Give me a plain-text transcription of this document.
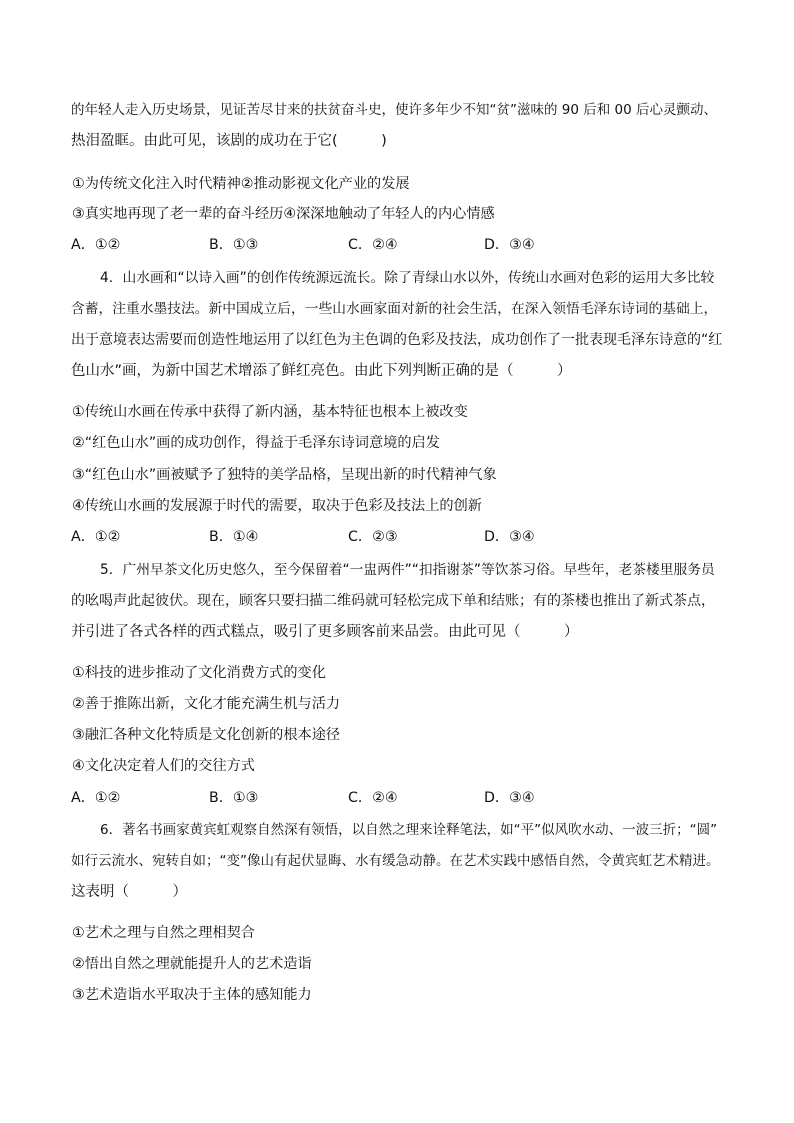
的年轻人走入历史场景，见证苦尽甘来的扶贫奋斗史，使许多年少不知“贫”滋味的 90 后和 00 后心灵颤动、
热泪盈眶。由此可见，该剧的成功在于它(　　　)

①为传统文化注入时代精神②推动影视文化产业的发展

③真实地再现了老一辈的奋斗经历④深深地触动了年轻人的内心情感

A．①②	B．①③	C．②④	D．③④
4．山水画和“以诗入画”的创作传统源远流长。除了青绿山水以外，传统山水画对色彩的运用大多比较
含蓄，注重水墨技法。新中国成立后，一些山水画家面对新的社会生活，在深入领悟毛泽东诗词的基础上，
出于意境表达需要而创造性地运用了以红色为主色调的色彩及技法，成功创作了一批表现毛泽东诗意的“红
色山水”画，为新中国艺术增添了鲜红亮色。由此下列判断正确的是（　　　）

①传统山水画在传承中获得了新内涵，基本特征也根本上被改变

②“红色山水”画的成功创作，得益于毛泽东诗词意境的启发

③“红色山水”画被赋予了独特的美学品格，呈现出新的时代精神气象

④传统山水画的发展源于时代的需要，取决于色彩及技法上的创新

A．①②	B．①④	C．②③	D．③④
5．广州早茶文化历史悠久，至今保留着“一盅两件”“扣指谢茶”等饮茶习俗。早些年，老茶楼里服务员
的吆喝声此起彼伏。现在，顾客只要扫描二维码就可轻松完成下单和结账；有的茶楼也推出了新式茶点，
并引进了各式各样的西式糕点，吸引了更多顾客前来品尝。由此可见（　　　）

①科技的进步推动了文化消费方式的变化

②善于推陈出新，文化才能充满生机与活力

③融汇各种文化特质是文化创新的根本途径

④文化决定着人们的交往方式

A．①②	B．①③	C．②④	D．③④
6．著名书画家黄宾虹观察自然深有领悟，以自然之理来诠释笔法，如“平”似风吹水动、一波三折；“圆”
如行云流水、宛转自如；“变”像山有起伏显晦、水有缓急动静。在艺术实践中感悟自然，令黄宾虹艺术精进。
这表明（　　　）

①艺术之理与自然之理相契合

②悟出自然之理就能提升人的艺术造诣

③艺术造诣水平取决于主体的感知能力
